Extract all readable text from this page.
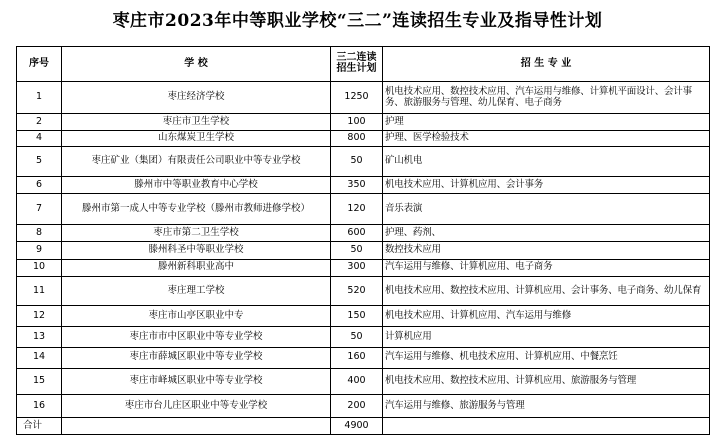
枣庄市2023年中等职业学校“三二”连读招生专业及指导性计划
序号	学 校	三二连读招生计划	招 生 专 业
1	枣庄经济学校	1250	机电技术应用、数控技术应用、汽车运用与维修、计算机平面设计、会计事务、旅游服务与管理、幼儿保育、电子商务
2	枣庄市卫生学校	100	护理
4	山东煤炭卫生学校	800	护理、医学检验技术
5	枣庄矿业（集团）有限责任公司职业中等专业学校	50	矿山机电
6	滕州市中等职业教育中心学校	350	机电技术应用、计算机应用、会计事务
7	滕州市第一成人中等专业学校（滕州市教师进修学校）	120	音乐表演
8	枣庄市第二卫生学校	600	护理、药剂、
9	滕州科圣中等职业学校	50	数控技术应用
10	滕州新科职业高中	300	汽车运用与维修、计算机应用、电子商务
11	枣庄理工学校	520	机电技术应用、数控技术应用、计算机应用、会计事务、电子商务、幼儿保育
12	枣庄市山亭区职业中专	150	机电技术应用、计算机应用、汽车运用与维修
13	枣庄市市中区职业中等专业学校	50	计算机应用
14	枣庄市薛城区职业中等专业学校	160	汽车运用与维修、机电技术应用、计算机应用、中餐烹饪
15	枣庄市峄城区职业中等专业学校	400	机电技术应用、数控技术应用、计算机应用、旅游服务与管理
16	枣庄市台儿庄区职业中等专业学校	200	汽车运用与维修、旅游服务与管理
合计		4900	
